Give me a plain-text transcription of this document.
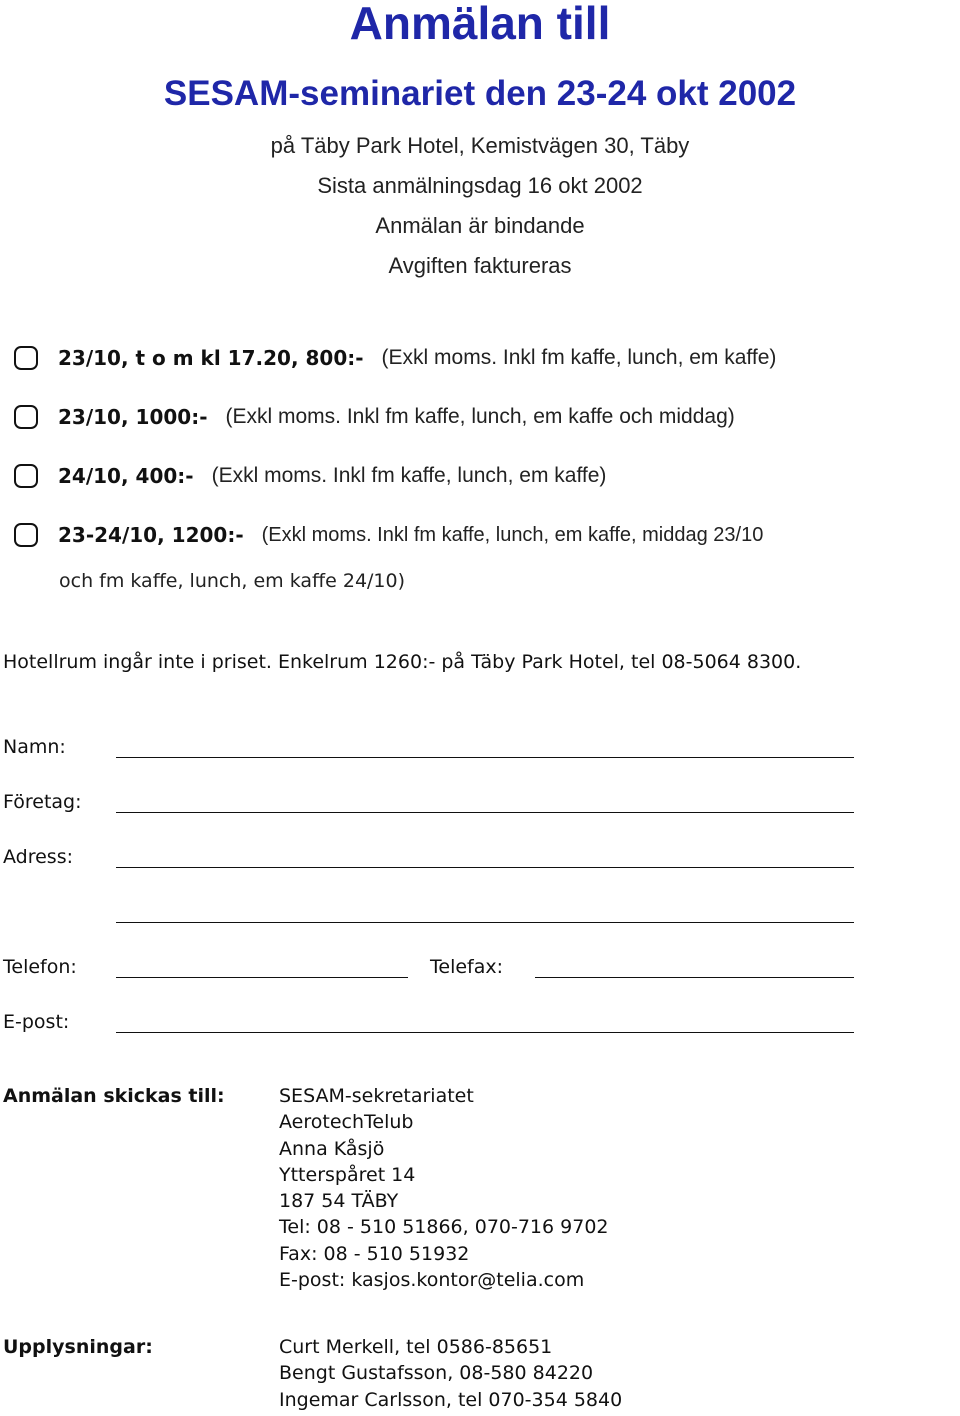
Anmälan till
SESAM-seminariet den 23-24 okt 2002
på Täby Park Hotel, Kemistvägen 30, Täby
Sista anmälningsdag 16 okt 2002
Anmälan är bindande
Avgiften faktureras
23/10, t o m kl 17.20, 800:- (Exkl moms. Inkl fm kaffe, lunch, em kaffe)
23/10, 1000:- (Exkl moms. Inkl fm kaffe, lunch, em kaffe och middag)
24/10, 400:- (Exkl moms. Inkl fm kaffe, lunch, em kaffe)
23-24/10, 1200:- (Exkl moms. Inkl fm kaffe, lunch, em kaffe, middag 23/10
och fm kaffe, lunch, em kaffe 24/10)
Hotellrum ingår inte i priset. Enkelrum 1260:- på Täby Park Hotel, tel 08-5064 8300.
Namn:
Företag:
Adress:
Telefon:	Telefax:
E-post:
Anmälan skickas till:	SESAM-sekretariatet
AerotechTelub
Anna Kåsjö
Ytterspåret 14
187 54 TÄBY
Tel: 08 - 510 51866, 070-716 9702
Fax: 08 - 510 51932
E-post: kasjos.kontor@telia.com
Upplysningar:	Curt Merkell, tel 0586-85651
Bengt Gustafsson, 08-580 84220
Ingemar Carlsson, tel 070-354 5840
